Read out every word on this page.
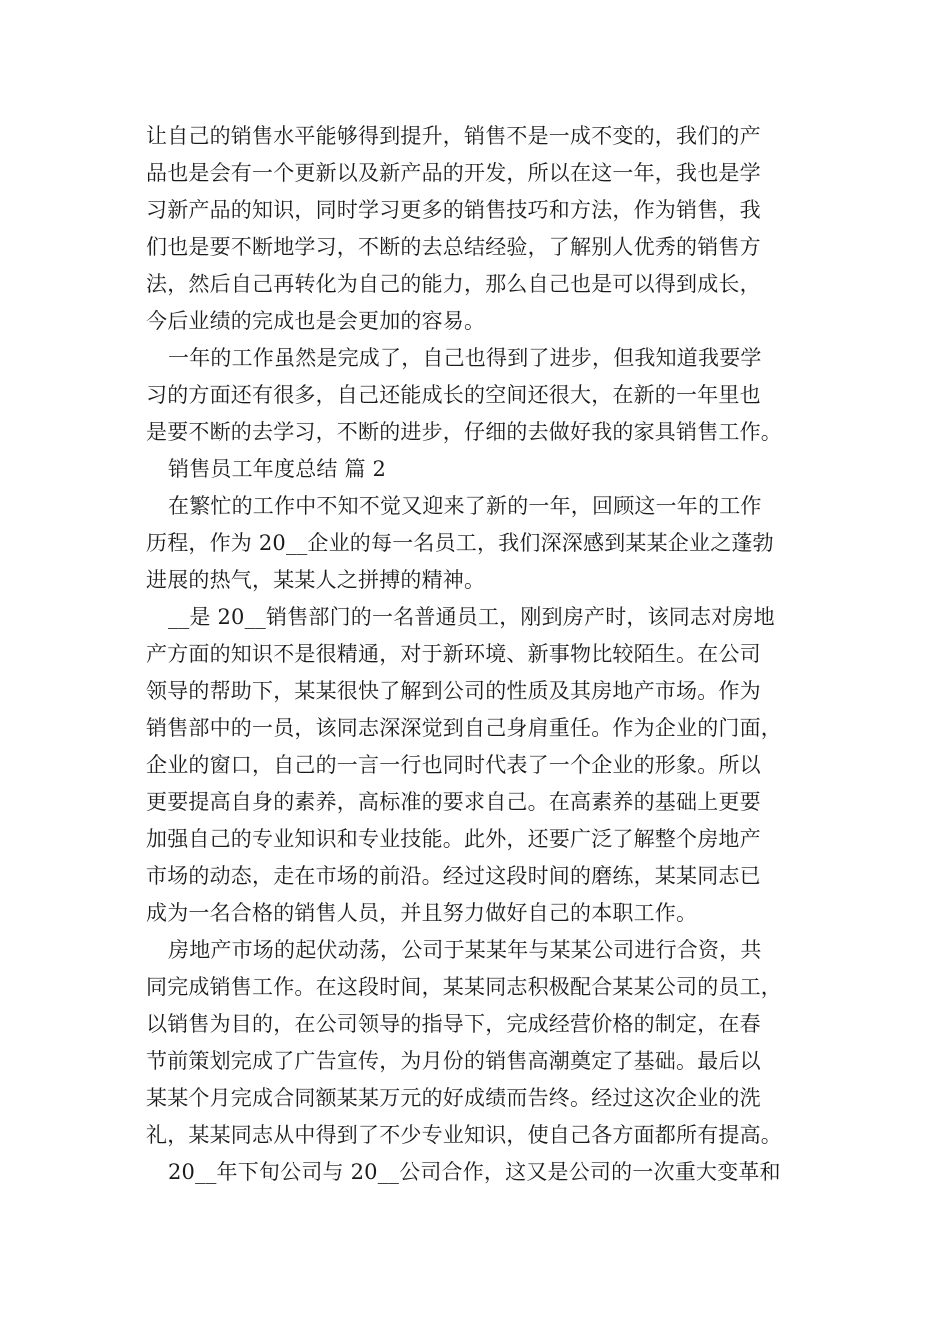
让自己的销售水平能够得到提升，销售不是一成不变的，我们的产
品也是会有一个更新以及新产品的开发，所以在这一年，我也是学
习新产品的知识，同时学习更多的销售技巧和方法，作为销售，我
们也是要不断地学习，不断的去总结经验，了解别人优秀的销售方
法，然后自己再转化为自己的能力，那么自己也是可以得到成长，
今后业绩的完成也是会更加的容易。
一年的工作虽然是完成了，自己也得到了进步，但我知道我要学
习的方面还有很多，自己还能成长的空间还很大，在新的一年里也
是要不断的去学习，不断的进步，仔细的去做好我的家具销售工作。
销售员工年度总结 篇 2
在繁忙的工作中不知不觉又迎来了新的一年，回顾这一年的工作
历程，作为 20__企业的每一名员工，我们深深感到某某企业之蓬勃
进展的热气，某某人之拼搏的精神。
__是 20__销售部门的一名普通员工，刚到房产时，该同志对房地
产方面的知识不是很精通，对于新环境、新事物比较陌生。在公司
领导的帮助下，某某很快了解到公司的性质及其房地产市场。作为
销售部中的一员，该同志深深觉到自己身肩重任。作为企业的门面，
企业的窗口，自己的一言一行也同时代表了一个企业的形象。所以
更要提高自身的素养，高标准的要求自己。在高素养的基础上更要
加强自己的专业知识和专业技能。此外，还要广泛了解整个房地产
市场的动态，走在市场的前沿。经过这段时间的磨练，某某同志已
成为一名合格的销售人员，并且努力做好自己的本职工作。
房地产市场的起伏动荡，公司于某某年与某某公司进行合资，共
同完成销售工作。在这段时间，某某同志积极配合某某公司的员工，
以销售为目的，在公司领导的指导下，完成经营价格的制定，在春
节前策划完成了广告宣传，为月份的销售高潮奠定了基础。最后以
某某个月完成合同额某某万元的好成绩而告终。经过这次企业的洗
礼，某某同志从中得到了不少专业知识，使自己各方面都所有提高。
20__年下旬公司与 20__公司合作，这又是公司的一次重大变革和
